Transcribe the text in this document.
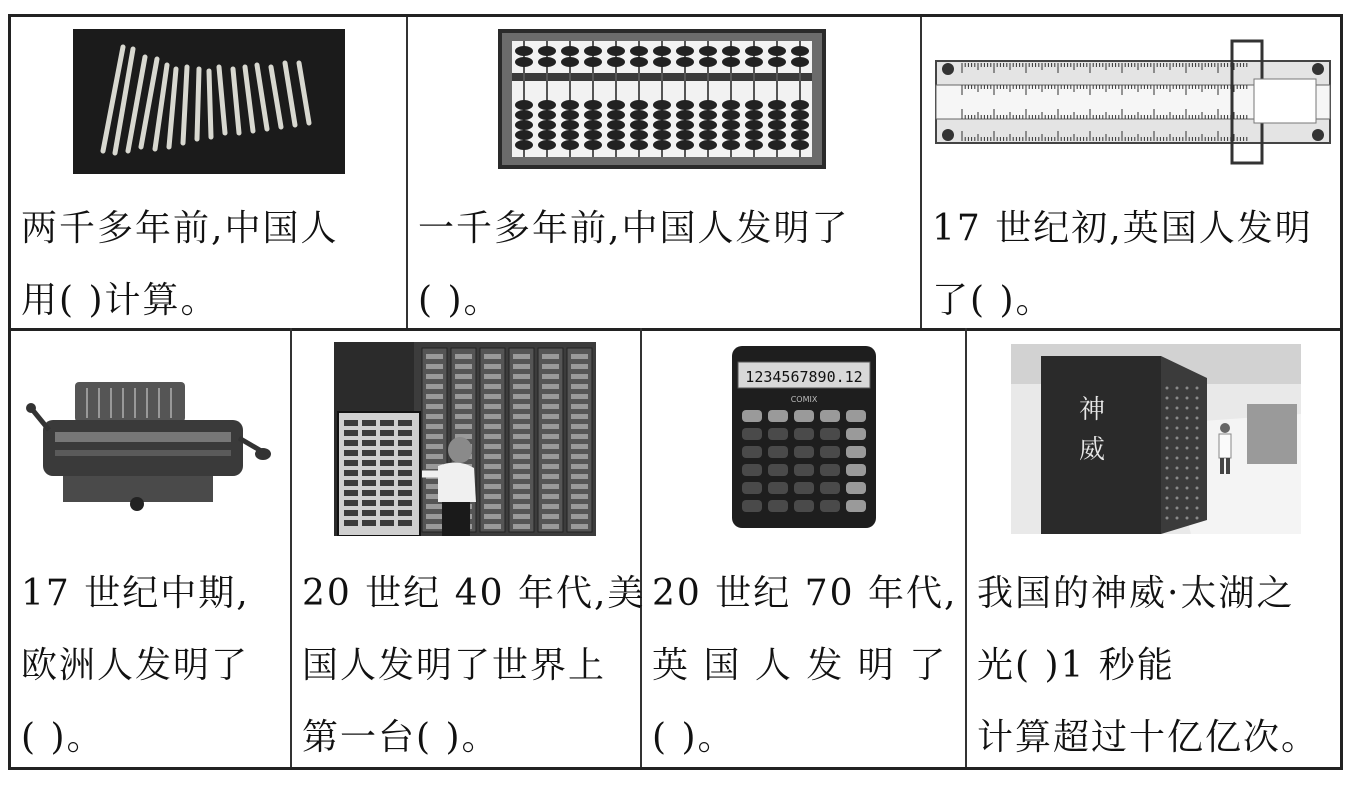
两千多年前,中国人
用( )计算。
一千多年前,中国人发明了
( )。
17 世纪初,英国人发明
了( )。
17 世纪中期,
欧洲人发明了
( )。
20 世纪 40 年代,美
国人发明了世界上
第一台( )。
1234567890.12
COMIX
20 世纪 70 年代,
英 国 人 发 明 了
( )。
神
威
我国的神威·太湖之
光( )1 秒能
计算超过十亿亿次。
